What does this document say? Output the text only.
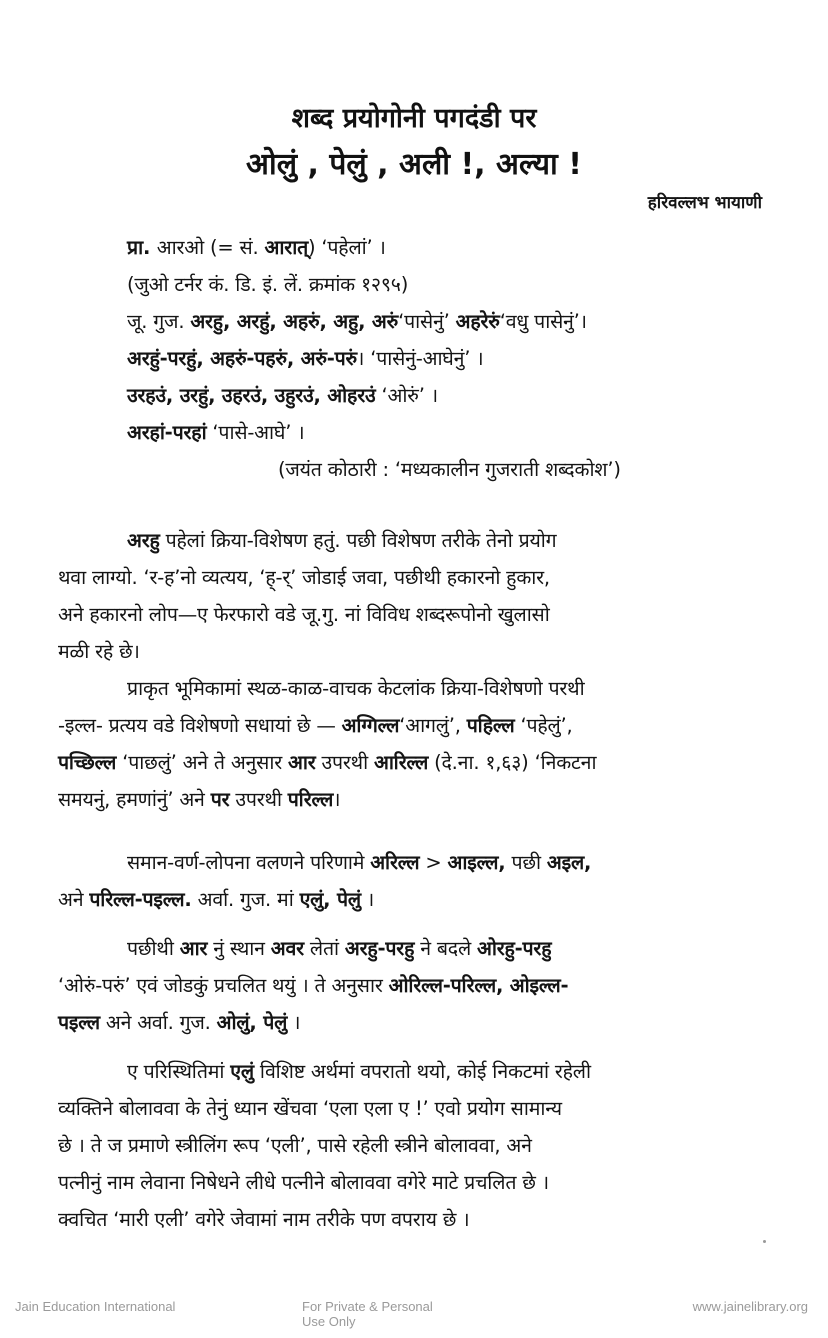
शब्द प्रयोगोनी पगदंडी पर
ओलुं , पेलुं , अली !, अल्या !
हरिवल्लभ भायाणी
प्रा. आरओ (= सं. आरात्) ‘पहेलां’ ।
(जुओ टर्नर कं. डि. इं. लें. क्रमांक १२९५)
जू. गुज. अरहु, अरहुं, अहरुं, अहु, अरुं‘पासेनुं’ अहरेरुं‘वधु पासेनुं’।
अरहुं-परहुं, अहरुं-पहरुं, अरुं-परुं। ‘पासेनुं-आघेनुं’ ।
उरहउं, उरहुं, उहरउं, उहुरउं, ओहरउं ‘ओरुं’ ।
अरहां-परहां ‘पासे-आघे’ ।
(जयंत कोठारी : ‘मध्यकालीन गुजराती शब्दकोश’)
अरहु पहेलां क्रिया-विशेषण हतुं. पछी विशेषण तरीके तेनो प्रयोग
थवा लाग्यो. ‘र-ह’नो व्यत्यय, ‘ह्-र्’ जोडाई जवा, पछीथी हकारनो हुकार,
अने हकारनो लोप—ए फेरफारो वडे जू.गु. नां विविध शब्दरूपोनो खुलासो
मळी रहे छे।
प्राकृत भूमिकामां स्थळ-काळ-वाचक केटलांक क्रिया-विशेषणो परथी
-इल्ल- प्रत्यय वडे विशेषणो सधायां छे — अग्गिल्ल‘आगलुं’, पहिल्ल ‘पहेलुं’,
पच्छिल्ल ‘पाछलुं’ अने ते अनुसार आर उपरथी आरिल्ल (दे.ना. १,६३) ‘निकटना
समयनुं, हमणांनुं’ अने पर उपरथी परिल्ल।
समान-वर्ण-लोपना वलणने परिणामे अरिल्ल > आइल्ल, पछी अइल,
अने परिल्ल-पइल्ल. अर्वा. गुज. मां एलुं, पेलुं ।
पछीथी आर नुं स्थान अवर लेतां अरहु-परहु ने बदले ओरहु-परहु
‘ओरुं-परुं’ एवं जोडकुं प्रचलित थयुं । ते अनुसार ओरिल्ल-परिल्ल, ओइल्ल-
पइल्ल अने अर्वा. गुज. ओलुं, पेलुं ।
ए परिस्थितिमां एलुं विशिष्ट अर्थमां वपरातो थयो, कोई निकटमां रहेली
व्यक्तिने बोलाववा के तेनुं ध्यान खेंचवा ‘एला एला ए !’ एवो प्रयोग सामान्य
छे । ते ज प्रमाणे स्त्रीलिंग रूप ‘एली’, पासे रहेली स्त्रीने बोलाववा, अने
पत्नीनुं नाम लेवाना निषेधने लीधे पत्नीने बोलाववा वगेरे माटे प्रचलित छे ।
क्वचित ‘मारी एली’ वगेरे जेवामां नाम तरीके पण वपराय छे ।
Jain Education International	For Private & Personal Use Only
www.jainelibrary.org
